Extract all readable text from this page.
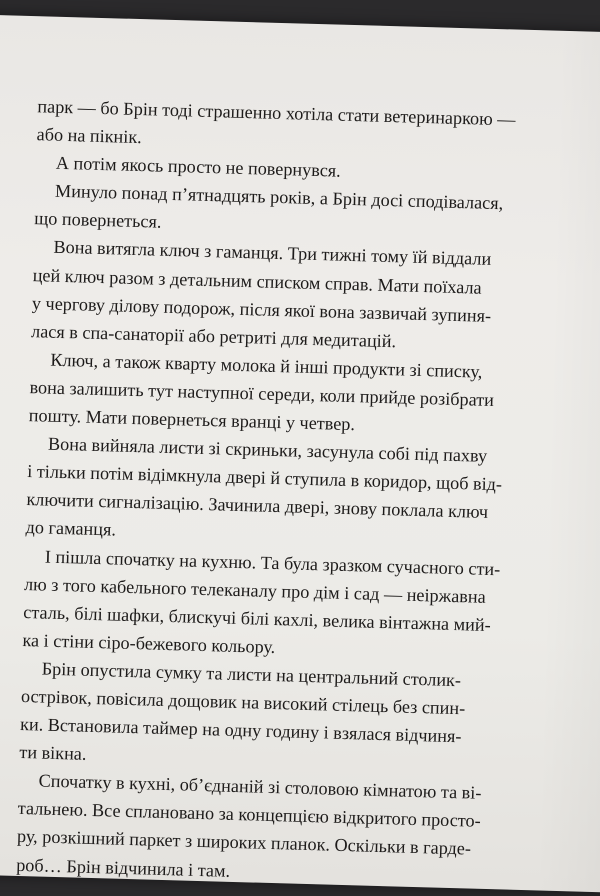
парк — бо Брін тоді страшенно хотіла стати ветеринаркою —
або на пікнік.
А потім якось просто не повернувся.
Минуло понад п’ятнадцять років, а Брін досі сподівалася,
що повернеться.
Вона витягла ключ з гаманця. Три тижні тому їй віддали
цей ключ разом з детальним списком справ. Мати поїхала
у чергову ділову подорож, після якої вона зазвичай зупиня-
лася в спа-санаторії або ретриті для медитацій.
Ключ, а також кварту молока й інші продукти зі списку,
вона залишить тут наступної середи, коли прийде розібрати
пошту. Мати повернеться вранці у четвер.
Вона вийняла листи зі скриньки, засунула собі під пахву
і тільки потім відімкнула двері й ступила в коридор, щоб від-
ключити сигналізацію. Зачинила двері, знову поклала ключ
до гаманця.
І пішла спочатку на кухню. Та була зразком сучасного сти-
лю з того кабельного телеканалу про дім і сад — неіржавна
сталь, білі шафки, блискучі білі кахлі, велика вінтажна мий-
ка і стіни сіро-бежевого кольору.
Брін опустила сумку та листи на центральний столик-
острівок, повісила дощовик на високий стілець без спин-
ки. Встановила таймер на одну годину і взялася відчиня-
ти вікна.
Спочатку в кухні, об’єднаній зі столовою кімнатою та ві-
тальнею. Все сплановано за концепцією відкритого просто-
ру, розкішний паркет з широких планок. Оскільки в гарде-
роб… Брін відчинила і там.
